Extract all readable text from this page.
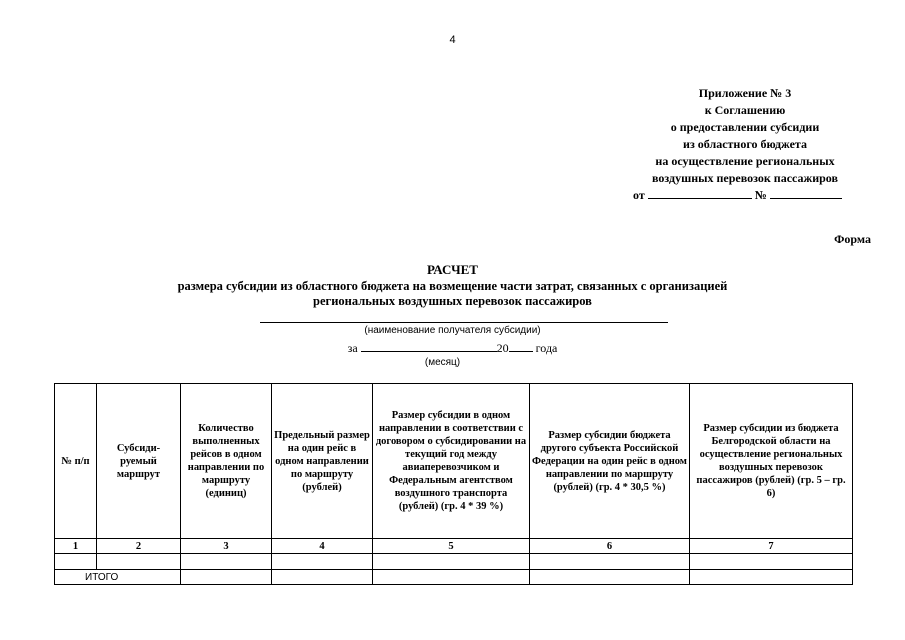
4
Приложение № 3
к Соглашению
о предоставлении субсидии
из областного бюджета
на осуществление региональных
воздушных перевозок пассажиров
от	№
Форма
РАСЧЕТ
размера субсидии из областного бюджета на возмещение части затрат, связанных с организацией
региональных воздушных перевозок пассажиров
(наименование получателя субсидии)
за	20 года
(месяц)
№ п/п	Субсиди-руемый маршрут	Количество выполненных рейсов в одном направлении по маршруту (единиц)	Предельный размер на один рейс в одном направлении по маршруту (рублей)	Размер субсидии в одном направлении в соответствии с договором о субсидировании на текущий год между авиаперевозчиком и Федеральным агентством воздушного транспорта (рублей) (гр. 4 * 39 %)	Размер субсидии бюджета другого субъекта Российской Федерации на один рейс в одном направлении по маршруту (рублей) (гр. 4 * 30,5 %)	Размер субсидии из бюджета Белгородской области на осуществление региональных воздушных перевозок пассажиров (рублей) (гр. 5 – гр. 6)
1	2	3	4	5	6	7

ИТОГО						
